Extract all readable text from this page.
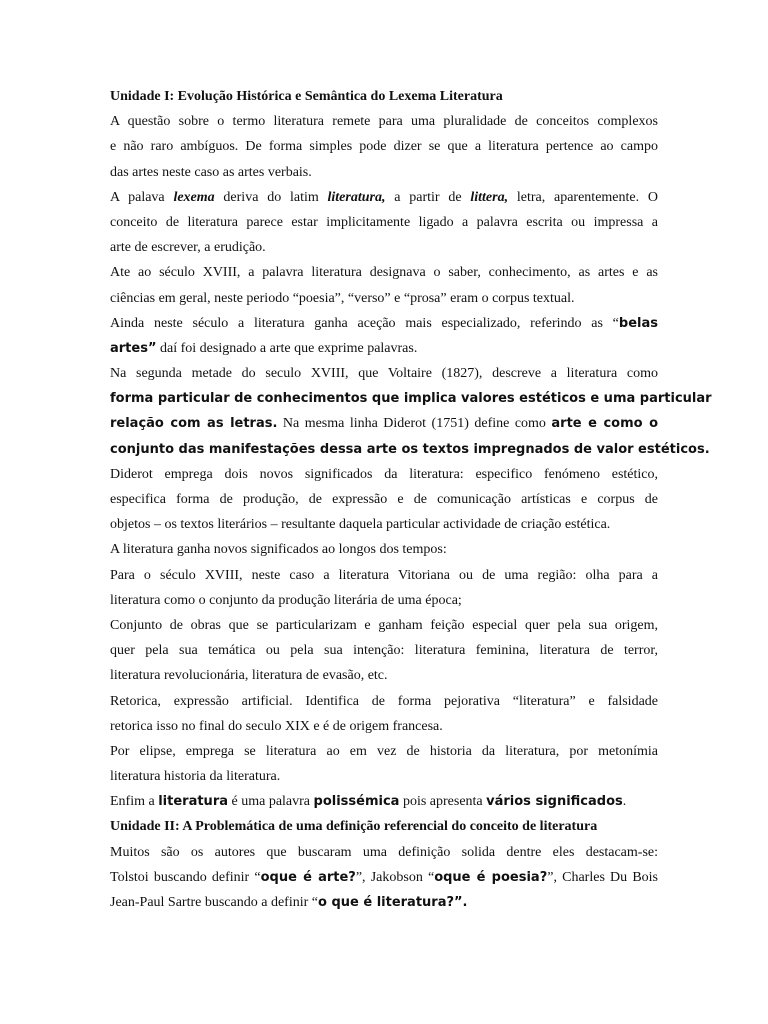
Unidade I: Evolução Histórica e Semântica do Lexema Literatura
A questão sobre o termo literatura remete para uma pluralidade de conceitos complexos
e não raro ambíguos. De forma simples pode dizer se que a literatura pertence ao campo
das artes neste caso as artes verbais.
A palava lexema deriva do latim literatura, a partir de littera, letra, aparentemente. O
conceito de literatura parece estar implicitamente ligado a palavra escrita ou impressa a
arte de escrever, a erudição.
Ate ao século XVIII, a palavra literatura designava o saber, conhecimento, as artes e as
ciências em geral, neste periodo “poesia”, “verso” e “prosa” eram o corpus textual.
Ainda neste século a literatura ganha aceção mais especializado, referindo as “belas
artes” daí foi designado a arte que exprime palavras.
Na segunda metade do seculo XVIII, que Voltaire (1827), descreve a literatura como
forma particular de conhecimentos que implica valores estéticos e uma particular
relação com as letras. Na mesma linha Diderot (1751) define como arte e como o
conjunto das manifestações dessa arte os textos impregnados de valor estéticos.
Diderot emprega dois novos significados da literatura: especifico fenómeno estético,
especifica forma de produção, de expressão e de comunicação artísticas e corpus de
objetos – os textos literários – resultante daquela particular actividade de criação estética.
A literatura ganha novos significados ao longos dos tempos:
Para o século XVIII, neste caso a literatura Vitoriana ou de uma região: olha para a
literatura como o conjunto da produção literária de uma época;
Conjunto de obras que se particularizam e ganham feição especial quer pela sua origem,
quer pela sua temática ou pela sua intenção: literatura feminina, literatura de terror,
literatura revolucionária, literatura de evasão, etc.
Retorica, expressão artificial. Identifica de forma pejorativa “literatura” e falsidade
retorica isso no final do seculo XIX e é de origem francesa.
Por elipse, emprega se literatura ao em vez de historia da literatura, por metonímia
literatura historia da literatura.
Enfim a literatura é uma palavra polissémica pois apresenta vários significados.
Unidade II: A Problemática de uma definição referencial do conceito de literatura
Muitos são os autores que buscaram uma definição solida dentre eles destacam-se:
Tolstoi buscando definir “oque é arte?”, Jakobson “oque é poesia?”, Charles Du Bois
Jean-Paul Sartre buscando a definir “o que é literatura?”.
